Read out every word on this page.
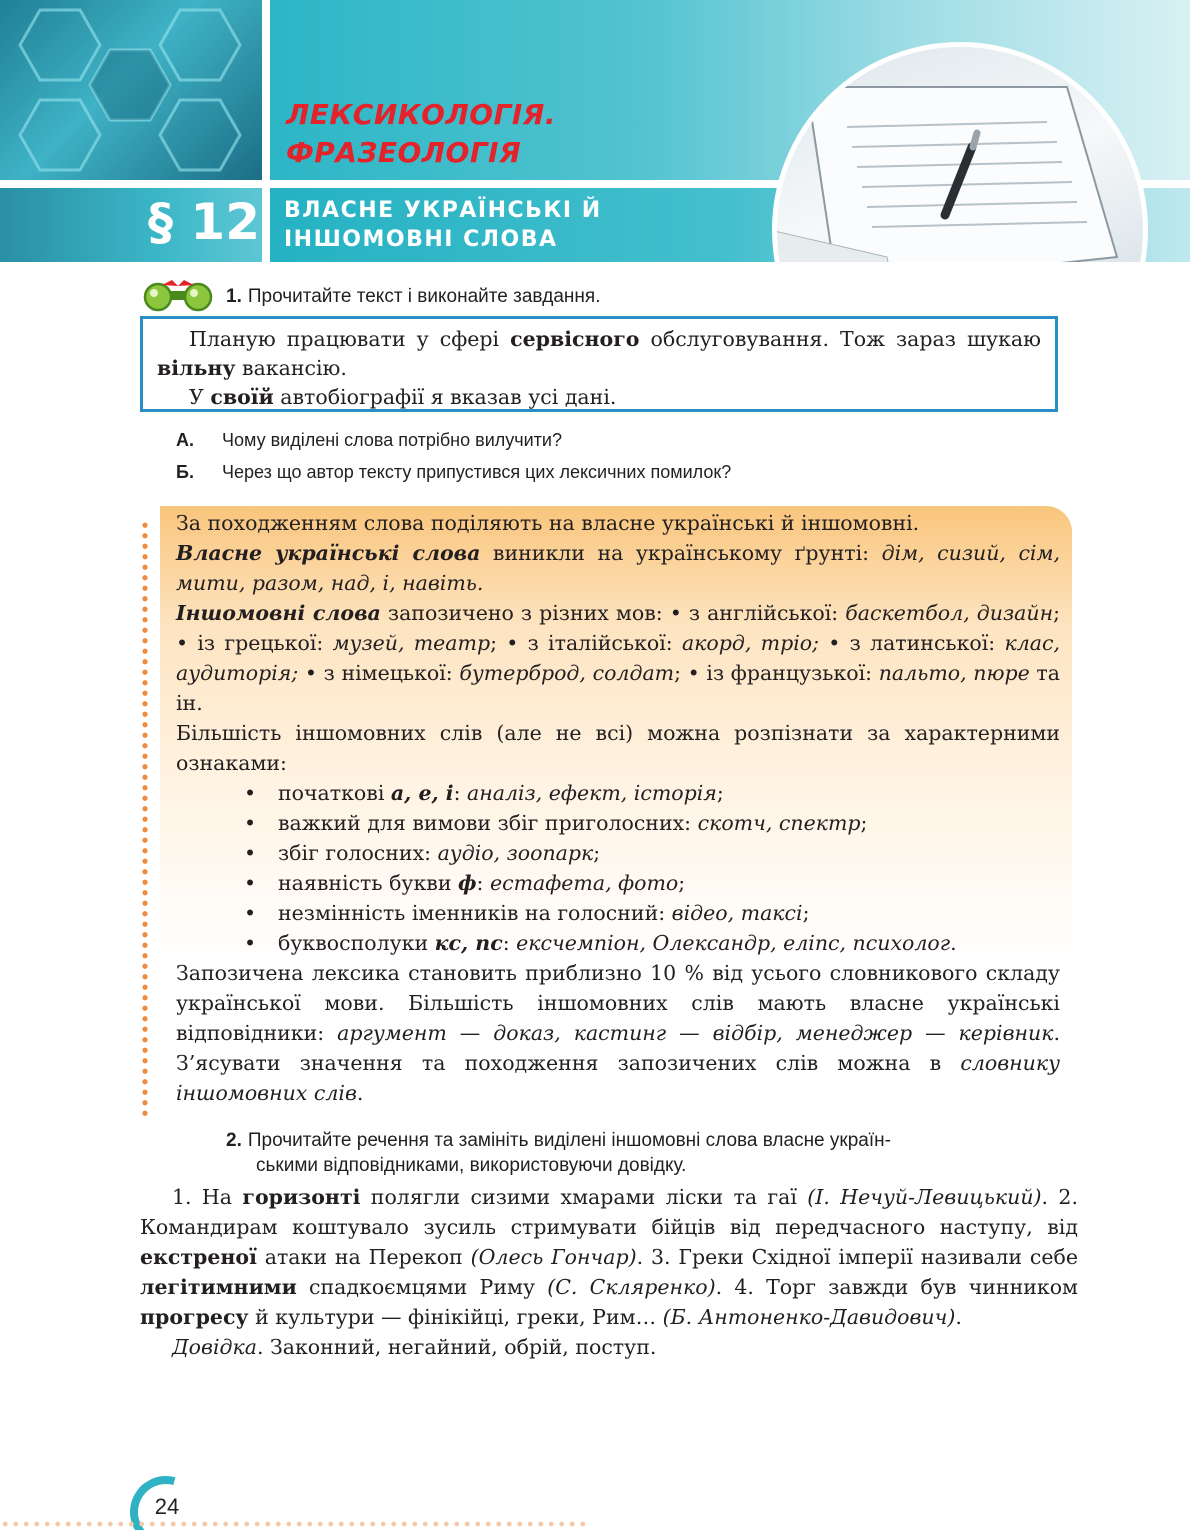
ЛЕКСИКОЛОГІЯ.
ФРАЗЕОЛОГІЯ
§ 12 ВЛАСНЕ УКРАЇНСЬКІ Й
ІНШОМОВНІ СЛОВА
1. Прочитайте текст і виконайте завдання.

Планую працювати у сфері сервісного обслуговування. Тож зараз шукаю вільну вакансію.

У своїй автобіографії я вказав усі дані.

А. Чому виділені слова потрібно вилучити?
Б. Через що автор тексту припустився цих лексичних помилок?
За походженням слова поділяють на власне українські й іншомовні.
Власне українські слова виникли на українському ґрунті: дім, сизий, сім, мити, разом, над, і, навіть.
Іншомовні слова запозичено з різних мов: • з англійської: баскетбол, дизайн; • із грецької: музей, театр; • з італійської: акорд, тріо; • з латинської: клас, аудиторія; • з німецької: бутерброд, солдат; • із французької: пальто, пюре та ін.
Більшість іншомовних слів (але не всі) можна розпізнати за характерними ознаками:
• початкові а, е, і: аналіз, ефект, історія;
• важкий для вимови збіг приголосних: скотч, спектр;
• збіг голосних: аудіо, зоопарк;
• наявність букви ф: естафета, фото;
• незмінність іменників на голосний: відео, таксі;
• буквосполуки кс, пс: ексчемпіон, Олександр, еліпс, психолог.
Запозичена лексика становить приблизно 10 % від усього словникового складу української мови. Більшість іншомовних слів мають власне українські відповідники: аргумент — доказ, кастинг — відбір, менеджер — керівник. З’ясувати значення та походження запозичених слів можна в словнику іншомовних слів.
2. Прочитайте речення та замініть виділені іншомовні слова власне україн-
ськими відповідниками, використовуючи довідку.

1. На горизонті полягли сизими хмарами ліски та гаї (І. Нечуй-Левицький). 2. Командирам коштувало зусиль стримувати бійців від передчасного наступу, від екстреної атаки на Перекоп (Олесь Гончар). 3. Греки Східної імперії називали себе легітимними спадкоємцями Риму (С. Скляренко). 4. Торг завжди був чинником прогресу й культури — фінікійці, греки, Рим… (Б. Антоненко-Давидович).

Довідка. Законний, негайний, обрій, поступ.

24
